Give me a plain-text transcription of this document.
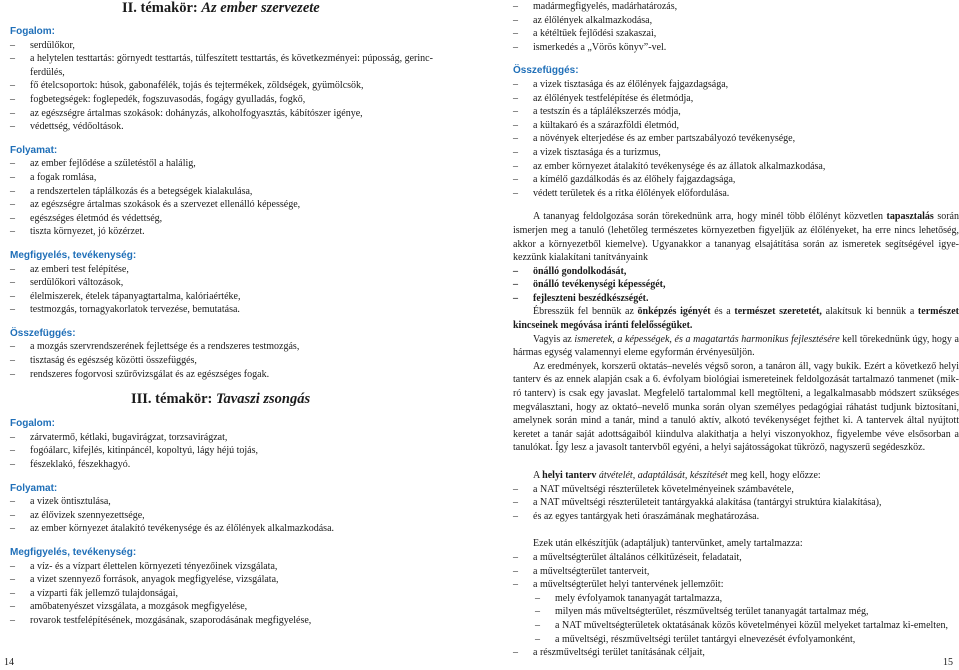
II. témakör: Az ember szervezete
Fogalom:
– serdülőkor,
– a helytelen testtartás: görnyedt testtartás, túlfeszített testtartás, és következményei: púposság, gerinc-ferdülés,
– fő ételcsoportok: húsok, gabonafélék, tojás és tejtermékek, zöldségek, gyümölcsök,
– fogbetegségek: foglepedék, fogszuvasodás, fogágy gyulladás, fogkő,
– az egészségre ártalmas szokások: dohányzás, alkoholfogyasztás, kábítószer igénye,
– védettség, védőoltások.
Folyamat:
– az ember fejlődése a születéstől a halálig,
– a fogak romlása,
– a rendszertelen táplálkozás és a betegségek kialakulása,
– az egészségre ártalmas szokások és a szervezet ellenálló képessége,
– egészséges életmód és védettség,
– tiszta környezet, jó közérzet.
Megfigyelés, tevékenység:
– az emberi test felépítése,
– serdülőkori változások,
– élelmiszerek, ételek tápanyagtartalma, kalóriaértéke,
– testmozgás, tornagyakorlatok tervezése, bemutatása.
Összefüggés:
– a mozgás szervrendszerének fejlettsége és a rendszeres testmozgás,
– tisztaság és egészség közötti összefüggés,
– rendszeres fogorvosi szűrővizsgálat és az egészséges fogak.
III. témakör: Tavaszi zsongás
Fogalom:
– zárvatermő, kétlaki, bugavirágzat, torzsavirágzat,
– fogóálarc, kifejlés, kitinpáncél, kopoltyú, lágy héjú tojás,
– fészeklakó, fészekhagyó.
Folyamat:
– a vizek öntisztulása,
– az élővizek szennyezettsége,
– az ember környezet átalakító tevékenysége és az élőlények alkalmazkodása.
Megfigyelés, tevékenység:
– a víz- és a vízpart élettelen környezeti tényezőinek vizsgálata,
– a vizet szennyező források, anyagok megfigyelése, vizsgálata,
– a vízparti fák jellemző tulajdonságai,
– amőbatenyészet vizsgálata, a mozgások megfigyelése,
– rovarok testfelépítésének, mozgásának, szaporodásának megfigyelése,
– madármegfigyelés, madárhatározás,
– az élőlények alkalmazkodása,
– a kétéltűek fejlődési szakaszai,
– ismerkedés a „Vörös könyv”-vel.
Összefüggés:
– a vizek tisztasága és az élőlények fajgazdagsága,
– az élőlények testfelépítése és életmódja,
– a testszín és a táplálékszerzés módja,
– a kültakaró és a szárazföldi életmód,
– a növények elterjedése és az ember partszabályozó tevékenysége,
– a vizek tisztasága és a turizmus,
– az ember környezet átalakító tevékenysége és az állatok alkalmazkodása,
– a kímélő gazdálkodás és az élőhely fajgazdagsága,
– védett területek és a ritka élőlények előfordulása.

A tananyag feldolgozása során törekednünk arra, hogy minél több élőlényt közvetlen tapasztalás során ismerjen meg a tanuló (lehetőleg természetes környezetben figyeljük az élőlényeket, ha erre nincs lehetőség, akkor a környezetből kiemelve). Ugyanakkor a tananyag elsajátítása során az ismeretek segítségével igye-kezzünk kialakítani tanítványaink

– önálló gondolkodását,
– önálló tevékenységi képességét,
– fejleszteni beszédkészségét.

Ébresszük fel bennük az önképzés igényét és a természet szeretetét, alakítsuk ki bennük a természet kincseinek megóvása iránti felelősségüket.

Vagyis az ismeretek, a képességek, és a magatartás harmonikus fejlesztésére kell törekednünk úgy, hogy a hármas egység valamennyi eleme egyformán érvényesüljön.

Az eredmények, korszerű oktatás–nevelés végső soron, a tanáron áll, vagy bukik. Ezért a következő helyi tanterv és az ennek alapján csak a 6. évfolyam biológiai ismereteinek feldolgozását tartalmazó tanmenet (mik-ró tanterv) is csak egy javaslat. Megfelelő tartalommal kell megtölteni, a legalkalmasabb módszert szükséges megválasztani, hogy az oktató–nevelő munka során olyan személyes pedagógiai ráhatást tudjunk biztosítani, amelynek során mind a tanár, mind a tanuló aktív, alkotó tevékenységet fejthet ki. A tantervek által nyújtott keretet a tanár saját adottságaiból kiindulva alakíthatja a helyi viszonyokhoz, figyelembe véve elsősorban a tanulókat. Így lesz a javasolt tantervből egyéni, a helyi sajátosságokat tükröző, nagyszerű segédeszköz.

A helyi tanterv átvételét, adaptálását, készítését meg kell, hogy előzze:

– a NAT műveltségi részterületek követelményeinek számbavétele,
– a NAT műveltségi részterületeit tantárgyakká alakítása (tantárgyi struktúra kialakítása),
– és az egyes tantárgyak heti óraszámának meghatározása.

Ezek után elkészítjük (adaptáljuk) tantervünket, amely tartalmazza:

– a műveltségterület általános célkitűzéseit, feladatait,
– a műveltségterület tanterveit,
– a műveltségterület helyi tantervének jellemzőit:
– mely évfolyamok tananyagát tartalmazza,
– milyen más műveltségterület, részműveltség terület tananyagát tartalmaz még,
– a NAT műveltségterületek oktatásának közös követelményei közül melyeket tartalmaz ki-emelten,
– a műveltségi, részműveltségi terület tantárgyi elnevezését évfolyamonként,
– a részműveltségi terület tanításának céljait,
14	15
